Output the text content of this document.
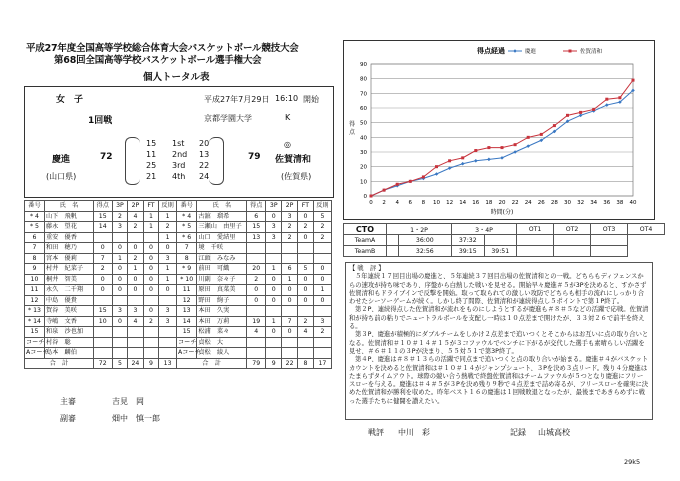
平成27年度全国高等学校総合体育大会バスケットボール競技大会
第68回全国高等学校バスケットボール選手権大会
個人トータル表
女　子	平成27年7月29日 16:10 開始
1回戦	京都学園大学	K
慶進
(山口県)
72	79
◎
佐賀清和
(佐賀県)
15 1st 20
11 2nd 13
25 3rd 22
21 4th 24
番号	氏　名	得点	3P	2P	FT	反則
* 4	山下　飛帆	15	2	4	1	1
* 5	藤永　望花	14	3	2	1	2
6	重安　優香					1
7	和田　穂乃	0	0	0	0	0
8	宮本　優莉	7	1	2	0	3
9	村井　紀菜子	2	0	1	0	1
10	桐井　智美	0	0	0	0	1
11	永久　二千翔	0	0	0	0	0
12	中島　優貴					
* 13	賀谷　美咲	15	3	3	0	3
* 14	寺嶋　文香	10	0	4	2	3
15	和泉　沙也加					
コーチ	村谷　聡					
Aコーチ	島本　麟伯					
合　計		72	5	24	9	13
番号	氏　名	得点	3P	2P	FT	反則
* 4	古舘　瑠希	6	0	3	0	5
* 5	三瀬山　由里子	15	3	2	2	2
* 6	山口　愛結里	13	3	2	0	2
7	境　千咲					
8	江頭　みなみ					
* 9	前田　可織	20	1	6	5	0
* 10	川副　奈々子	2	0	1	0	0
11	原田　真菜美	0	0	0	0	1
12	野田　絢子	0	0	0	0	0
13	本田　久実					
14	本田　万莉	19	1	7	2	3
15	松浦　菜々	4	0	0	4	2
コーチ	貞松　大					
Aコーチ	貞松　綾人					
合　計		79	9	22	8	17
主審	吉見　岡
副審	畑中　慎一郎
0
10
20
30
40
50
60
70
80
90
0 2 4 6 8 10 12 14 16 18 20 22 24 26 28 30 32 34 36 38 40
得点経過
時間(分)
得
点
慶進	佐賀清和
CTO	1・2P		3・4P		OT1	OT2	OT3	OT4
TeamA		36:00	37:32					
TeamB		32:56	39:15	39:51				
【 戦　評 】

５年連続１７回目出場の慶進と、５年連続３７回目出場の佐賀清和との一戦。どちらもディフェンスからの速攻が持ち味であり、序盤から白熱した戦いを見せる。開始早々慶進＃５が3Pを決めると、すかさず佐賀清和もドライブインで反撃を開始。取って取られての激しい攻防でどちらも相手の流れにしっかり合わせたシーソーゲームが続く。しかし終了間際、佐賀清和が連続得点し５ポイントで第１P終了。

第２P、連続得点した佐賀清和が流れをものにしようとするが慶進も＃８＃５などの活躍で応戦。佐賀清和が持ち前の粘りでニュートラルボールを支配し一時は１０点差まで開けたが、３３対２６で前半を終える。

第３P、慶進が積極的にダブルチームをしかけ２点差まで追いつくとそこからはお互いに点の取り合いとなる。佐賀清和＃１０＃１４＃１５が３コファウルでベンチに下がるが交代した選手も素晴らしい活躍を見せ、＃６＃１１の３Pが決まり、５５対５１で第3P終了。

第４P、慶進は＃８＃１３らの活躍で同点まで追いつくと点の取り合いが始まる。慶進＃４がバスケットカウントを決めると佐賀清和は＃１０＃１４がジャンプシュート、３Pを決め３点リード。残り４分慶進はたまらずタイムアウト。球際の競い合う熱戦で終盤佐賀清和はチームファウルが５つとなり慶進にフリースローを与える。慶進は＃４＃５が３Pを決め残り９秒で４点差まで詰め寄るが、フリースローを確実に決めた佐賀清和が勝利を収めた。昨年ベスト１６の慶進は１回戦敗退となったが、最後まであきらめずに戦った選手たちに健闘を讃えたい。

戦評 中川　彩	記録 山城高校
29k5
